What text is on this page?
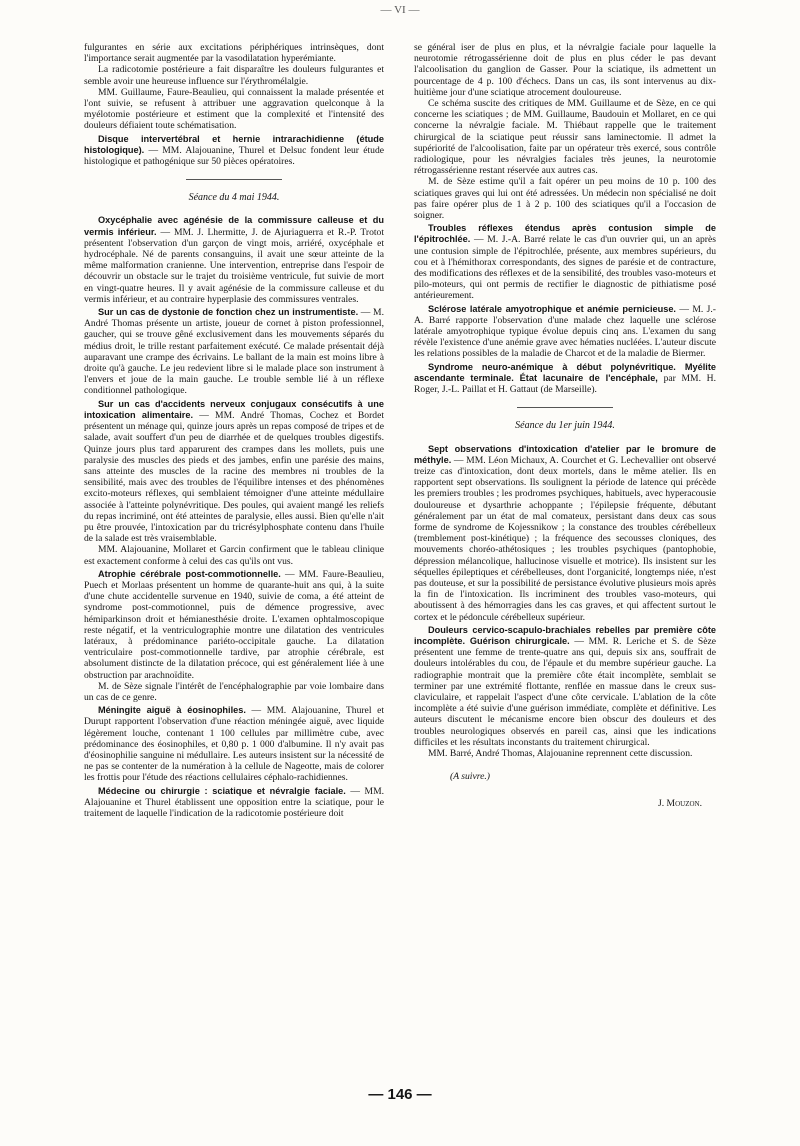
— VI —

fulgurantes en série aux excitations périphériques intrinsèques, dont l'importance serait augmentée par la vasodilatation hyperémiante.

La radicotomie postérieure a fait disparaître les douleurs fulgurantes et semble avoir une heureuse influence sur l'érythromélalgie.

MM. Guillaume, Faure-Beaulieu, qui connaissent la malade présentée et l'ont suivie, se refusent à attribuer une aggravation quelconque à la myélotomie postérieure et estiment que la complexité et l'intensité des douleurs défiaient toute schématisation.

Disque intervertébral et hernie intrarachidienne (étude histologique). — MM. Alajouanine, Thurel et Delsuc fondent leur étude histologique et pathogénique sur 50 pièces opératoires.

Séance du 4 mai 1944.

Oxycéphalie avec agénésie de la commissure calleuse et du vermis inférieur. — MM. J. Lhermitte, J. de Ajuriaguerra et R.-P. Trotot présentent l'observation d'un garçon de vingt mois, arriéré, oxycéphale et hydrocéphale. Né de parents consanguins, il avait une sœur atteinte de la même malformation cranienne. Une intervention, entreprise dans l'espoir de découvrir un obstacle sur le trajet du troisième ventricule, fut suivie de mort en vingt-quatre heures. Il y avait agénésie de la commissure calleuse et du vermis inférieur, et au contraire hyperplasie des commissures ventrales.

Sur un cas de dystonie de fonction chez un instrumentiste. — M. André Thomas présente un artiste, joueur de cornet à piston professionnel, gaucher, qui se trouve gêné exclusivement dans les mouvements séparés du médius droit, le trille restant parfaitement exécuté. Ce malade présentait déjà auparavant une crampe des écrivains. Le ballant de la main est moins libre à droite qu'à gauche. Le jeu redevient libre si le malade place son instrument à l'envers et joue de la main gauche. Le trouble semble lié à un réflexe conditionnel pathologique.

Sur un cas d'accidents nerveux conjugaux consécutifs à une intoxication alimentaire. — MM. André Thomas, Cochez et Bordet présentent un ménage qui, quinze jours après un repas composé de tripes et de salade, avait souffert d'un peu de diarrhée et de quelques troubles digestifs. Quinze jours plus tard apparurent des crampes dans les mollets, puis une paralysie des muscles des pieds et des jambes, enfin une parésie des mains, sans atteinte des muscles de la racine des membres ni troubles de la sensibilité, mais avec des troubles de l'équilibre intenses et des phénomènes excito-moteurs réflexes, qui semblaient témoigner d'une atteinte médullaire associée à l'atteinte polynévritique. Des poules, qui avaient mangé les reliefs du repas incriminé, ont été atteintes de paralysie, elles aussi. Bien qu'elle n'ait pu être prouvée, l'intoxication par du tricrésylphosphate contenu dans l'huile de la salade est très vraisemblable.

MM. Alajouanine, Mollaret et Garcin confirment que le tableau clinique est exactement conforme à celui des cas qu'ils ont vus.

Atrophie cérébrale post-commotionnelle. — MM. Faure-Beaulieu, Puech et Morlaas présentent un homme de quarante-huit ans qui, à la suite d'une chute accidentelle survenue en 1940, suivie de coma, a été atteint de syndrome post-commotionnel, puis de démence progressive, avec hémiparkinson droit et hémianesthésie droite. L'examen ophtalmoscopique reste négatif, et la ventriculographie montre une dilatation des ventricules latéraux, à prédominance pariéto-occipitale gauche. La dilatation ventriculaire post-commotionnelle tardive, par atrophie cérébrale, est absolument distincte de la dilatation précoce, qui est généralement liée à une obstruction par arachnoïdite.

M. de Sèze signale l'intérêt de l'encéphalographie par voie lombaire dans un cas de ce genre.

Méningite aiguë à éosinophiles. — MM. Alajouanine, Thurel et Durupt rapportent l'observation d'une réaction méningée aiguë, avec liquide légèrement louche, contenant 1 100 cellules par millimètre cube, avec prédominance des éosinophiles, et 0,80 p. 1 000 d'albumine. Il n'y avait pas d'éosinophilie sanguine ni médullaire. Les auteurs insistent sur la nécessité de ne pas se contenter de la numération à la cellule de Nageotte, mais de colorer les frottis pour l'étude des réactions cellulaires céphalo-rachidiennes.

Médecine ou chirurgie : sciatique et névralgie faciale. — MM. Alajouanine et Thurel établissent une opposition entre la sciatique, pour le traitement de laquelle l'indication de la radicotomie postérieure doit

se général iser de plus en plus, et la névralgie faciale pour laquelle la neurotomie rétrogassérienne doit de plus en plus céder le pas devant l'alcoolisation du ganglion de Gasser. Pour la sciatique, ils admettent un pourcentage de 4 p. 100 d'échecs. Dans un cas, ils sont intervenus au dix-huitième jour d'une sciatique atrocement douloureuse.

Ce schéma suscite des critiques de MM. Guillaume et de Sèze, en ce qui concerne les sciatiques ; de MM. Guillaume, Baudouin et Mollaret, en ce qui concerne la névralgie faciale. M. Thiébaut rappelle que le traitement chirurgical de la sciatique peut réussir sans laminectomie. Il admet la supériorité de l'alcoolisation, faite par un opérateur très exercé, sous contrôle radiologique, pour les névralgies faciales très jeunes, la neurotomie rétrogassérienne restant réservée aux autres cas.

M. de Sèze estime qu'il a fait opérer un peu moins de 10 p. 100 des sciatiques graves qui lui ont été adressées. Un médecin non spécialisé ne doit pas faire opérer plus de 1 à 2 p. 100 des sciatiques qu'il a l'occasion de soigner.

Troubles réflexes étendus après contusion simple de l'épitrochlée. — M. J.-A. Barré relate le cas d'un ouvrier qui, un an après une contusion simple de l'épitrochlée, présente, aux membres supérieurs, du cou et à l'hémithorax correspondants, des signes de parésie et de contracture, des modifications des réflexes et de la sensibilité, des troubles vaso-moteurs et pilo-moteurs, qui ont permis de rectifier le diagnostic de pithiatisme posé antérieurement.

Sclérose latérale amyotrophique et anémie pernicieuse. — M. J.-A. Barré rapporte l'observation d'une malade chez laquelle une sclérose latérale amyotrophique typique évolue depuis cinq ans. L'examen du sang révèle l'existence d'une anémie grave avec hématies nucléées. L'auteur discute les relations possibles de la maladie de Charcot et de la maladie de Biermer.

Syndrome neuro-anémique à début polynévritique. Myélite ascendante terminale. État lacunaire de l'encéphale, par MM. H. Roger, J.-L. Paillat et H. Gattaut (de Marseille).

Séance du 1er juin 1944.

Sept observations d'intoxication d'atelier par le bromure de méthyle. — MM. Léon Michaux, A. Courchet et G. Lechevallier ont observé treize cas d'intoxication, dont deux mortels, dans le même atelier. Ils en rapportent sept observations. Ils soulignent la période de latence qui précède les premiers troubles ; les prodromes psychiques, habituels, avec hyperacousie douloureuse et dysarthrie achoppante ; l'épilepsie fréquente, débutant généralement par un état de mal comateux, persistant dans deux cas sous forme de syndrome de Kojessnikow ; la constance des troubles cérébelleux (tremblement post-kinétique) ; la fréquence des secousses cloniques, des mouvements choréo-athétosiques ; les troubles psychiques (pantophobie, dépression mélancolique, hallucinose visuelle et motrice). Ils insistent sur les séquelles épileptiques et cérébelleuses, dont l'organicité, longtemps niée, n'est pas douteuse, et sur la possibilité de persistance évolutive plusieurs mois après la fin de l'intoxication. Ils incriminent des troubles vaso-moteurs, qui aboutissent à des hémorragies dans les cas graves, et qui affectent surtout le cortex et le pédoncule cérébelleux supérieur.

Douleurs cervico-scapulo-brachiales rebelles par première côte incomplète. Guérison chirurgicale. — MM. R. Leriche et S. de Sèze présentent une femme de trente-quatre ans qui, depuis six ans, souffrait de douleurs intolérables du cou, de l'épaule et du membre supérieur gauche. La radiographie montrait que la première côte était incomplète, semblait se terminer par une extrémité flottante, renflée en massue dans le creux sus-claviculaire, et rappelait l'aspect d'une côte cervicale. L'ablation de la côte incomplète a été suivie d'une guérison immédiate, complète et définitive. Les auteurs discutent le mécanisme encore bien obscur des douleurs et des troubles neurologiques observés en pareil cas, ainsi que les indications difficiles et les résultats inconstants du traitement chirurgical.

MM. Barré, André Thomas, Alajouanine reprennent cette discussion.

(A suivre.)

J. Mouzon.
— 146 —
